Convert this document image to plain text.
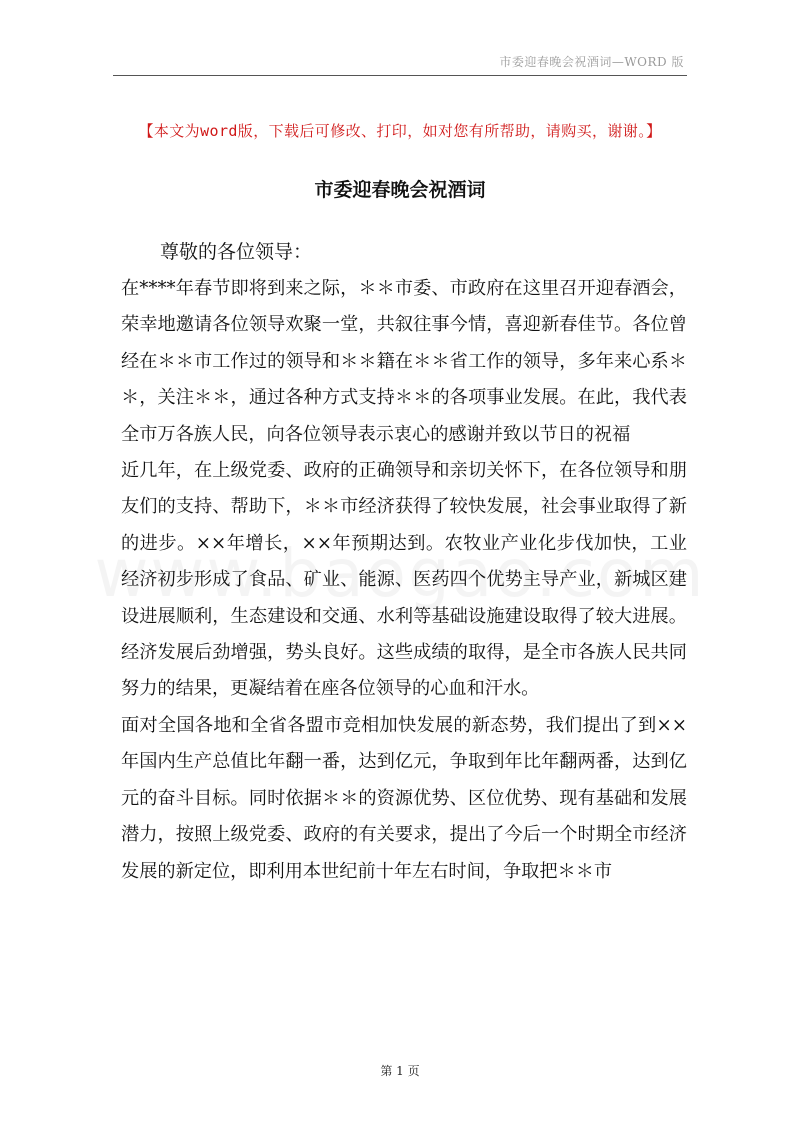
市委迎春晚会祝酒词—WORD 版
【本文为word版，下载后可修改、打印，如对您有所帮助，请购买，谢谢。】
市委迎春晚会祝酒词
尊敬的各位领导：

在****年春节即将到来之际，＊＊市委、市政府在这里召开迎春酒会，荣幸地邀请各位领导欢聚一堂，共叙往事今情，喜迎新春佳节。各位曾经在＊＊市工作过的领导和＊＊籍在＊＊省工作的领导，多年来心系＊＊，关注＊＊，通过各种方式支持＊＊的各项事业发展。在此，我代表全市万各族人民，向各位领导表示衷心的感谢并致以节日的祝福

近几年，在上级党委、政府的正确领导和亲切关怀下，在各位领导和朋友们的支持、帮助下，＊＊市经济获得了较快发展，社会事业取得了新的进步。××年增长，××年预期达到。农牧业产业化步伐加快，工业经济初步形成了食品、矿业、能源、医药四个优势主导产业，新城区建设进展顺利，生态建设和交通、水利等基础设施建设取得了较大进展。经济发展后劲增强，势头良好。这些成绩的取得，是全市各族人民共同努力的结果，更凝结着在座各位领导的心血和汗水。

面对全国各地和全省各盟市竞相加快发展的新态势，我们提出了到××年国内生产总值比年翻一番，达到亿元，争取到年比年翻两番，达到亿元的奋斗目标。同时依据＊＊的资源优势、区位优势、现有基础和发展潜力，按照上级党委、政府的有关要求，提出了今后一个时期全市经济发展的新定位，即利用本世纪前十年左右时间，争取把＊＊市

第 1 页
